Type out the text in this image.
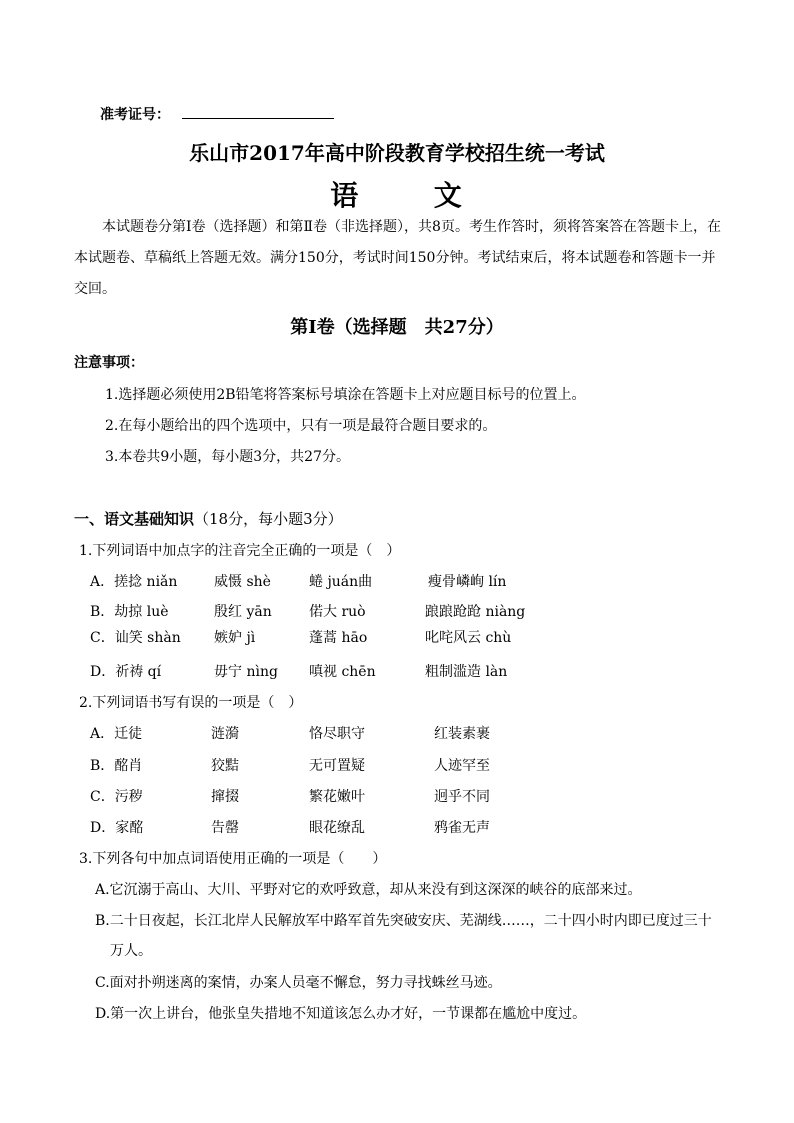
准考证号：
乐山市2017年高中阶段教育学校招生统一考试
语	文
本试题卷分第Ⅰ卷（选择题）和第Ⅱ卷（非选择题），共8页。考生作答时，须将答案答在答题卡上，在本试题卷、草稿纸上答题无效。满分150分，考试时间150分钟。考试结束后，将本试题卷和答题卡一并交回。
第Ⅰ卷（选择题　共27分）
注意事项：
1.选择题必须使用2B铅笔将答案标号填涂在答题卡上对应题目标号的位置上。
2.在每小题给出的四个选项中，只有一项是最符合题目要求的。
3.本卷共9小题，每小题3分，共27分。
一、语文基础知识（18分，每小题3分）
1.下列词语中加点字的注音完全正确的一项是（　）
A．搓捻 niǎn	威慑 shè	蜷 juán曲	瘦骨嶙峋 lín
B．劫掠 luè	殷红 yān	偌大 ruò	踉踉跄跄 niàng
C．讪笑 shàn 嫉妒 jì	蓬蒿 hāo	叱咤风云 chù
D．祈祷 qí	毋宁 nìng 嗔视 chēn	粗制滥造 làn
2.下列词语书写有误的一项是（　）
A．迁徒	涟漪	恪尽职守	红装素裹
B．酩肖	狡黠	无可置疑	人迹罕至
C．污秽	撺掇	繁花嫩叶	迥乎不同
D．家酩	告罄	眼花缭乱	鸦雀无声
3.下列各句中加点词语使用正确的一项是（　　）
A.它沉溺于高山、大川、平野对它的欢呼致意，却从来没有到这深深的峡谷的底部来过。
B.二十日夜起，长江北岸人民解放军中路军首先突破安庆、芜湖线……，二十四小时内即已度过三十
万人。
C.面对扑朔迷离的案情，办案人员毫不懈怠，努力寻找蛛丝马迹。
D.第一次上讲台，他张皇失措地不知道该怎么办才好，一节课都在尴尬中度过。
